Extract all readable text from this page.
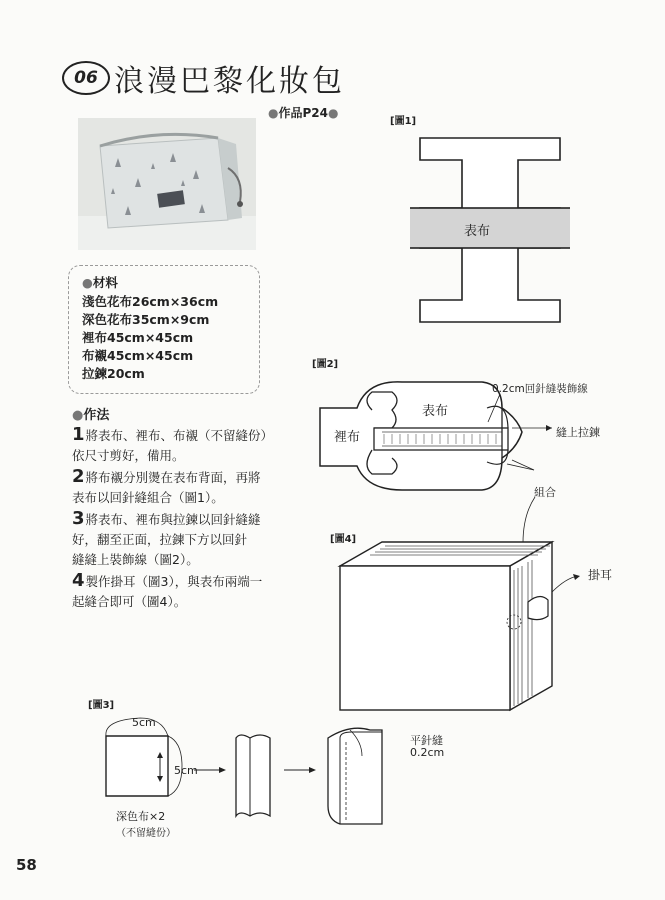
06 浪漫巴黎化妝包
●作品P24●
●材料
淺色花布26cm×36cm
深色花布35cm×9cm
裡布45cm×45cm
布襯45cm×45cm
拉鍊20cm
●作法
1將表布、裡布、布襯（不留縫份）
依尺寸剪好，備用。
2將布襯分別燙在表布背面，再將
表布以回針縫組合（圖1）。
3將表布、裡布與拉鍊以回針縫縫
好，翻至正面，拉鍊下方以回針
縫縫上裝飾線（圖2）。
4製作掛耳（圖3），與表布兩端一
起縫合即可（圖4）。
[圖1]
表布
[圖2]
表布
裡布
0.2cm回針縫裝飾線
縫上拉鍊
組合
[圖4]
掛耳
[圖3]
5cm
5cm
深色布×2
（不留縫份）
平針縫
0.2cm
58
